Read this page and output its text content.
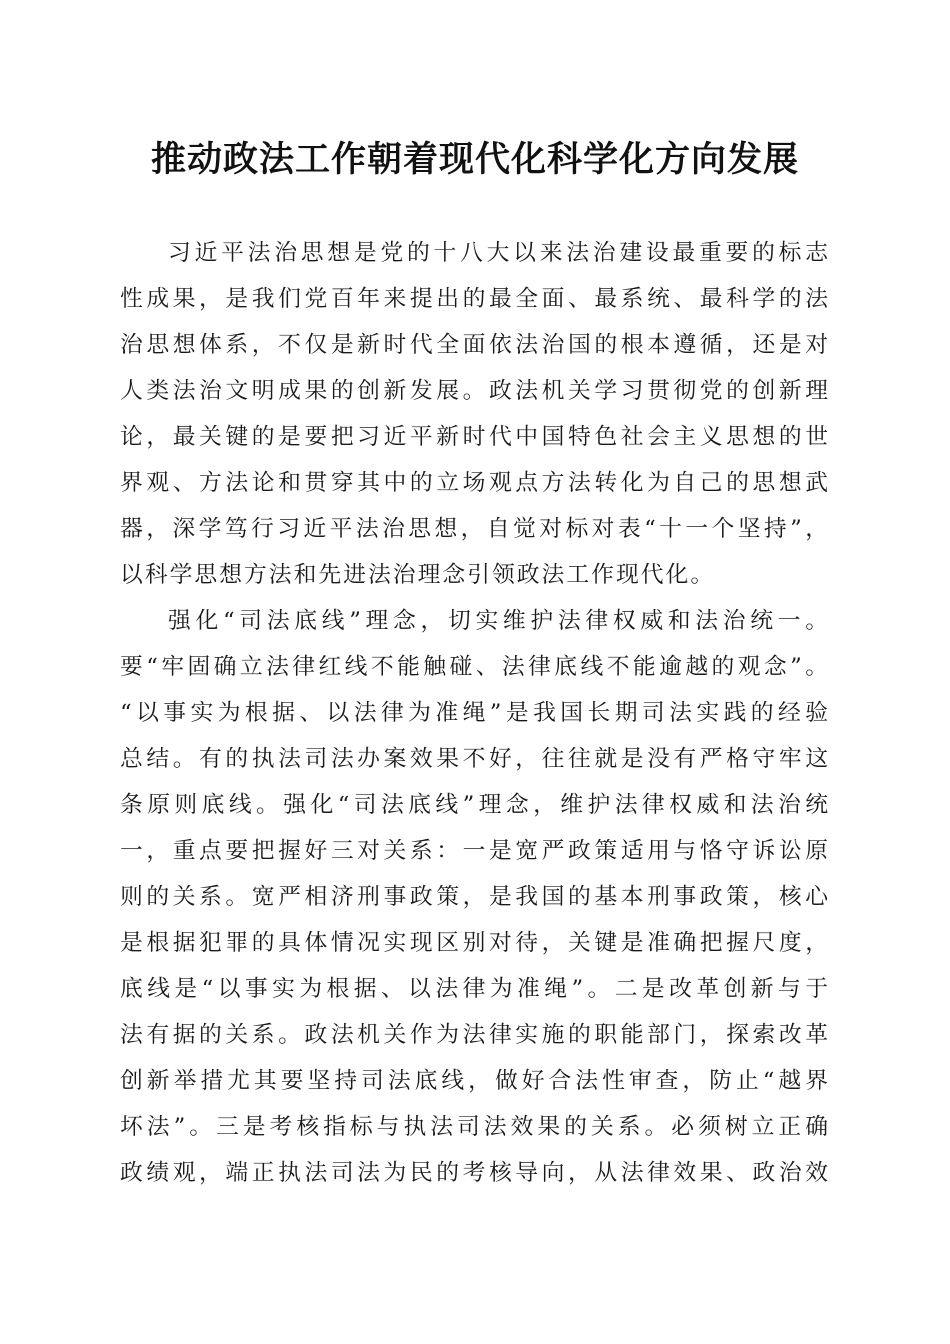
推动政法工作朝着现代化科学化方向发展

习近平法治思想是党的十八大以来法治建设最重要的标志
性成果，是我们党百年来提出的最全面、最系统、最科学的法
治思想体系，不仅是新时代全面依法治国的根本遵循，还是对
人类法治文明成果的创新发展。政法机关学习贯彻党的创新理
论，最关键的是要把习近平新时代中国特色社会主义思想的世
界观、方法论和贯穿其中的立场观点方法转化为自己的思想武
器，深学笃行习近平法治思想，自觉对标对表“十一个坚持”，
以科学思想方法和先进法治理念引领政法工作现代化。

强化“司法底线”理念，切实维护法律权威和法治统一。
要“牢固确立法律红线不能触碰、法律底线不能逾越的观念”。
“以事实为根据、以法律为准绳”是我国长期司法实践的经验
总结。有的执法司法办案效果不好，往往就是没有严格守牢这
条原则底线。强化“司法底线”理念，维护法律权威和法治统
一，重点要把握好三对关系：一是宽严政策适用与恪守诉讼原
则的关系。宽严相济刑事政策，是我国的基本刑事政策，核心
是根据犯罪的具体情况实现区别对待，关键是准确把握尺度，
底线是“以事实为根据、以法律为准绳”。二是改革创新与于
法有据的关系。政法机关作为法律实施的职能部门，探索改革
创新举措尤其要坚持司法底线，做好合法性审查，防止“越界
坏法”。三是考核指标与执法司法效果的关系。必须树立正确
政绩观，端正执法司法为民的考核导向，从法律效果、政治效
